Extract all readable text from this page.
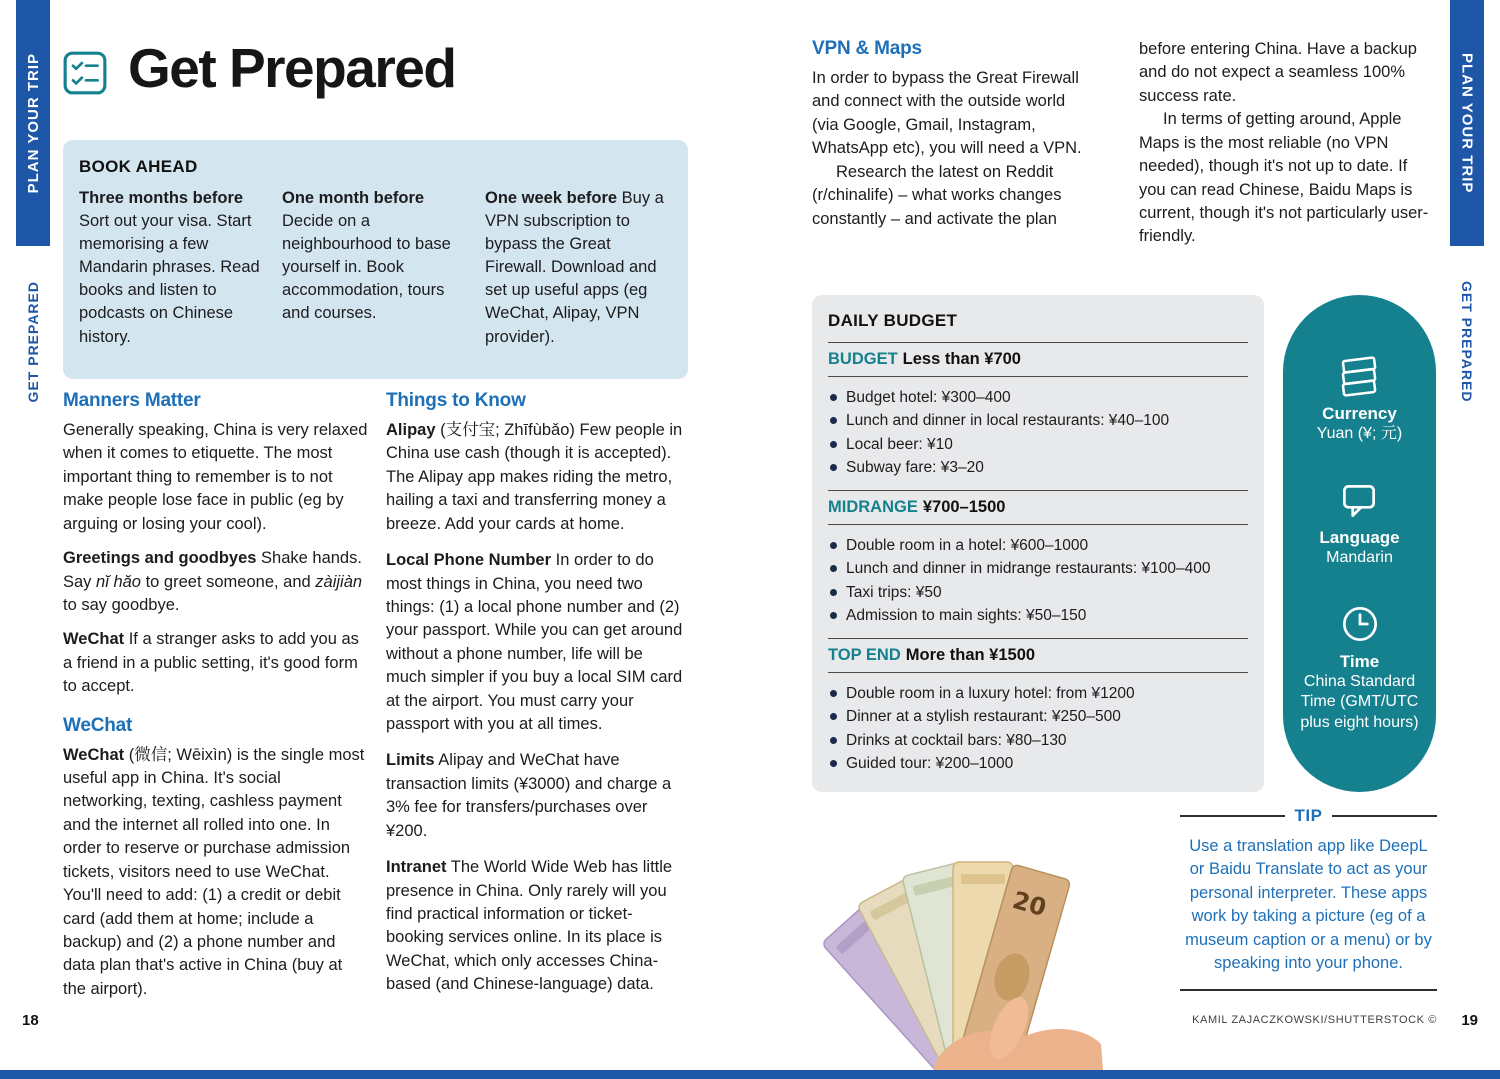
PLAN YOUR TRIP
GET PREPARED
PLAN YOUR TRIP
GET PREPARED
Get Prepared
BOOK AHEAD

Three months before Sort out your visa. Start memorising a few Mandarin phrases. Read books and listen to podcasts on Chinese history.

One month before Decide on a neighbourhood to base yourself in. Book accommodation, tours and courses.

One week before Buy a VPN subscription to bypass the Great Firewall. Download and set up useful apps (eg WeChat, Alipay, VPN provider).

Manners Matter

Generally speaking, China is very relaxed when it comes to etiquette. The most important thing to remember is to not make people lose face in public (eg by arguing or losing your cool).

Greetings and goodbyes Shake hands. Say nĭ hăo to greet someone, and zàijiàn to say goodbye.

WeChat If a stranger asks to add you as a friend in a public setting, it's good form to accept.

WeChat

WeChat (微信; Wēixìn) is the single most useful app in China. It's social networking, texting, cashless payment and the internet all rolled into one. In order to reserve or purchase admission tickets, visitors need to use WeChat. You'll need to add: (1) a credit or debit card (add them at home; include a backup) and (2) a phone number and data plan that's active in China (buy at the airport).

Things to Know

Alipay (支付宝; Zhīfùbǎo) Few people in China use cash (though it is accepted). The Alipay app makes riding the metro, hailing a taxi and transferring money a breeze. Add your cards at home.

Local Phone Number In order to do most things in China, you need two things: (1) a local phone number and (2) your passport. While you can get around without a phone number, life will be much simpler if you buy a local SIM card at the airport. You must carry your passport with you at all times.

Limits Alipay and WeChat have transaction limits (¥3000) and charge a 3% fee for transfers/purchases over ¥200.

Intranet The World Wide Web has little presence in China. Only rarely will you find practical information or ticket-booking services online. In its place is WeChat, which only accesses China-based (and Chinese-language) data.

VPN & Maps

In order to bypass the Great Firewall and connect with the outside world (via Google, Gmail, Instagram, WhatsApp etc), you will need a VPN.

Research the latest on Reddit (r/chinalife) – what works changes constantly – and activate the plan

before entering China. Have a backup and do not expect a seamless 100% success rate.

In terms of getting around, Apple Maps is the most reliable (no VPN needed), though it's not up to date. If you can read Chinese, Baidu Maps is current, though it's not particularly user-friendly.

DAILY BUDGET
BUDGET Less than ¥700
Budget hotel: ¥300–400
Lunch and dinner in local restaurants: ¥40–100
Local beer: ¥10
Subway fare: ¥3–20
MIDRANGE ¥700–1500
Double room in a hotel: ¥600–1000
Lunch and dinner in midrange restaurants: ¥100–400
Taxi trips: ¥50
Admission to main sights: ¥50–150
TOP END More than ¥1500
Double room in a luxury hotel: from ¥1200
Dinner at a stylish restaurant: ¥250–500
Drinks at cocktail bars: ¥80–130
Guided tour: ¥200–1000
Currency
Yuan (¥; 元)
Language
Mandarin
Time
China Standard Time (GMT/UTC plus eight hours)
20
TIP
Use a translation app like DeepL or Baidu Translate to act as your personal interpreter. These apps work by taking a picture (eg of a museum caption or a menu) or by speaking into your phone.
KAMIL ZAJACZKOWSKI/SHUTTERSTOCK ©
18	19
